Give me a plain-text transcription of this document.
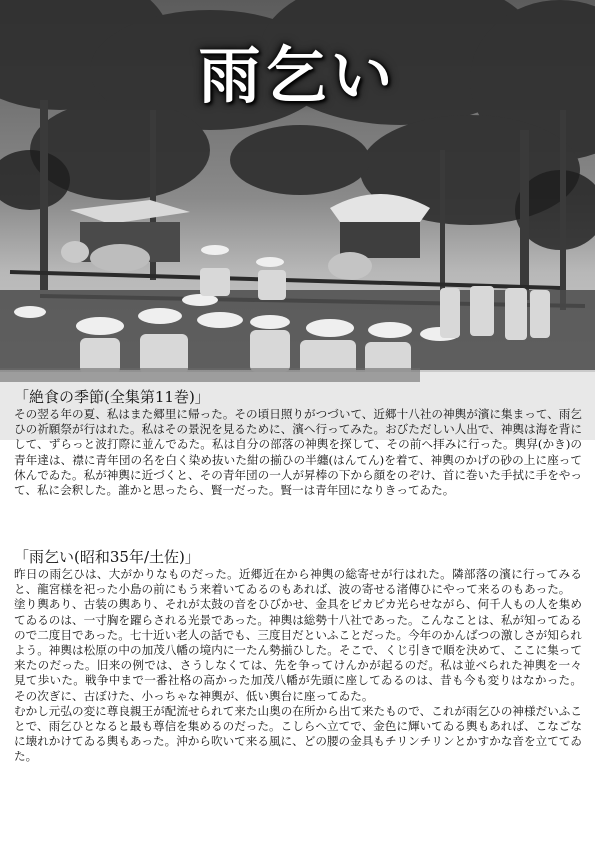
雨乞い
「絶食の季節(全集第11巻)」

その翌る年の夏、私はまた郷里に帰った。その頃日照りがつづいて、近郷十八社の神輿が濱に集まって、雨乞ひの祈願祭が行はれた。私はその景況を見るために、濱へ行ってみた。おびただしい人出で、神輿は海を背にして、ずらっと波打際に並んでゐた。私は自分の部落の神輿を探して、その前へ拝みに行った。輿舁(かき)の青年達は、襟に青年団の名を白く染め抜いた紺の揃ひの半纏(はんてん)を着て、神輿のかげの砂の上に座って休んでゐた。私が神輿に近づくと、その青年団の一人が昇棒の下から顔をのぞけ、首に巻いた手拭に手をやって、私に会釈した。誰かと思ったら、賢一だった。賢一は青年団になりきってゐた。

「雨乞い(昭和35年/土佐)」

昨日の雨乞ひは、大がかりなものだった。近郷近在から神輿の総寄せが行はれた。隣部落の濱に行ってみると、龍宮様を祀った小島の前にもう来着いてゐるのもあれば、波の寄せる渚傳ひにやって来るのもあった。

塗り輿あり、古装の輿あり、それが太鼓の音をひびかせ、金具をピカピカ光らせながら、何千人もの人を集めてゐるのは、一寸胸を躍らされる光景であった。神輿は総勢十八社であった。こんなことは、私が知ってゐるので二度目であった。七十近い老人の話でも、三度目だといふことだった。今年のかんばつの激しさが知られよう。神輿は松原の中の加茂八幡の境内に一たん勢揃ひした。そこで、くじ引きで順を決めて、ここに集って来たのだった。旧来の例では、さうしなくては、先を争ってけんかが起るのだ。私は並べられた神輿を一々見て歩いた。戦争中まで一番社格の高かった加茂八幡が先頭に座してゐるのは、昔も今も変りはなかった。その次ぎに、古ぼけた、小っちゃな神輿が、低い輿台に座ってゐた。

むかし元弘の変に尊良親王が配流せられて来た山奥の在所から出て来たもので、これが雨乞ひの神様だいふことで、雨乞ひとなると最も尊信を集めるのだった。こしらへ立てで、金色に輝いてゐる輿もあれば、こなごなに壊れかけてゐる輿もあった。沖から吹いて来る風に、どの腰の金具もチリンチリンとかすかな音を立ててゐた。
